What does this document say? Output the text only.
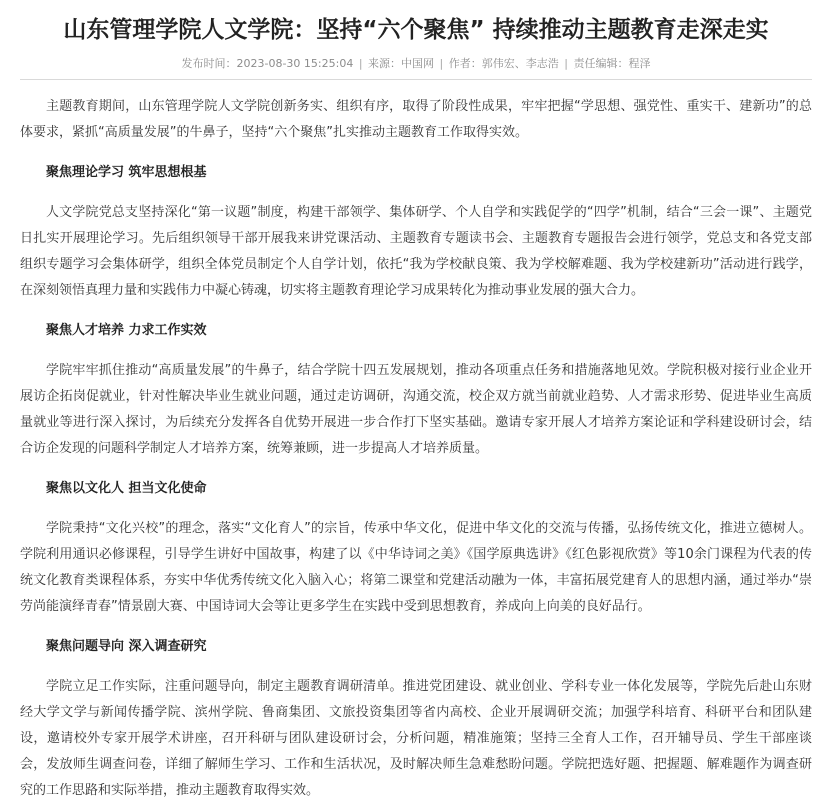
山东管理学院人文学院：坚持“六个聚焦” 持续推动主题教育走深走实
发布时间：2023-08-30 15:25:04 | 来源：中国网 | 作者：郭伟宏、李志浩 | 责任编辑：程泽

主题教育期间，山东管理学院人文学院创新务实、组织有序，取得了阶段性成果，牢牢把握“学思想、强党性、重实干、建新功”的总体要求，紧抓“高质量发展”的牛鼻子，坚持“六个聚焦”扎实推动主题教育工作取得实效。

聚焦理论学习 筑牢思想根基

人文学院党总支坚持深化“第一议题”制度，构建干部领学、集体研学、个人自学和实践促学的“四学”机制，结合“三会一课”、主题党日扎实开展理论学习。先后组织领导干部开展我来讲党课活动、主题教育专题读书会、主题教育专题报告会进行领学，党总支和各党支部组织专题学习会集体研学，组织全体党员制定个人自学计划，依托“我为学校献良策、我为学校解难题、我为学校建新功”活动进行践学，在深刻领悟真理力量和实践伟力中凝心铸魂，切实将主题教育理论学习成果转化为推动事业发展的强大合力。

聚焦人才培养 力求工作实效

学院牢牢抓住推动“高质量发展”的牛鼻子，结合学院十四五发展规划，推动各项重点任务和措施落地见效。学院积极对接行业企业开展访企拓岗促就业，针对性解决毕业生就业问题，通过走访调研，沟通交流，校企双方就当前就业趋势、人才需求形势、促进毕业生高质量就业等进行深入探讨，为后续充分发挥各自优势开展进一步合作打下坚实基础。邀请专家开展人才培养方案论证和学科建设研讨会，结合访企发现的问题科学制定人才培养方案，统筹兼顾，进一步提高人才培养质量。

聚焦以文化人 担当文化使命

学院秉持“文化兴校”的理念，落实“文化育人”的宗旨，传承中华文化，促进中华文化的交流与传播，弘扬传统文化，推进立德树人。学院利用通识必修课程，引导学生讲好中国故事，构建了以《中华诗词之美》《国学原典选讲》《红色影视欣赏》等10余门课程为代表的传统文化教育类课程体系，夯实中华优秀传统文化入脑入心；将第二课堂和党建活动融为一体，丰富拓展党建育人的思想内涵，通过举办“崇劳尚能演绎青春”情景剧大赛、中国诗词大会等让更多学生在实践中受到思想教育，养成向上向美的良好品行。

聚焦问题导向 深入调查研究

学院立足工作实际，注重问题导向，制定主题教育调研清单。推进党团建设、就业创业、学科专业一体化发展等，学院先后赴山东财经大学文学与新闻传播学院、滨州学院、鲁商集团、文旅投资集团等省内高校、企业开展调研交流；加强学科培育、科研平台和团队建设，邀请校外专家开展学术讲座，召开科研与团队建设研讨会，分析问题，精准施策；坚持三全育人工作，召开辅导员、学生干部座谈会，发放师生调查问卷，详细了解师生学习、工作和生活状况，及时解决师生急难愁盼问题。学院把选好题、把握题、解难题作为调查研究的工作思路和实际举措，推动主题教育取得实效。
